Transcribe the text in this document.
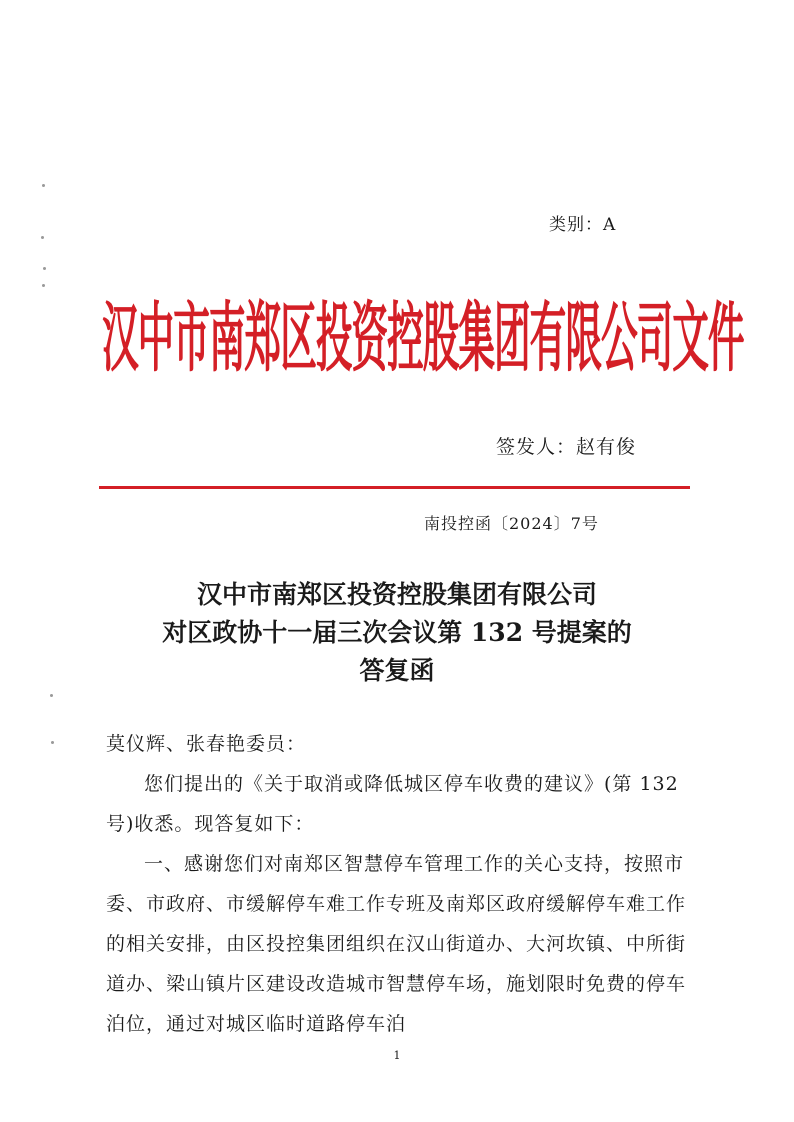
类别：A
汉中市南郑区投资控股集团有限公司文件
签发人：赵有俊
南投控函〔2024〕7号
汉中市南郑区投资控股集团有限公司
对区政协十一届三次会议第 132 号提案的
答复函

莫仪辉、张春艳委员：

您们提出的《关于取消或降低城区停车收费的建议》(第 132 号)收悉。现答复如下：

一、感谢您们对南郑区智慧停车管理工作的关心支持，按照市委、市政府、市缓解停车难工作专班及南郑区政府缓解停车难工作的相关安排，由区投控集团组织在汉山街道办、大河坎镇、中所街道办、梁山镇片区建设改造城市智慧停车场，施划限时免费的停车泊位，通过对城区临时道路停车泊

1
